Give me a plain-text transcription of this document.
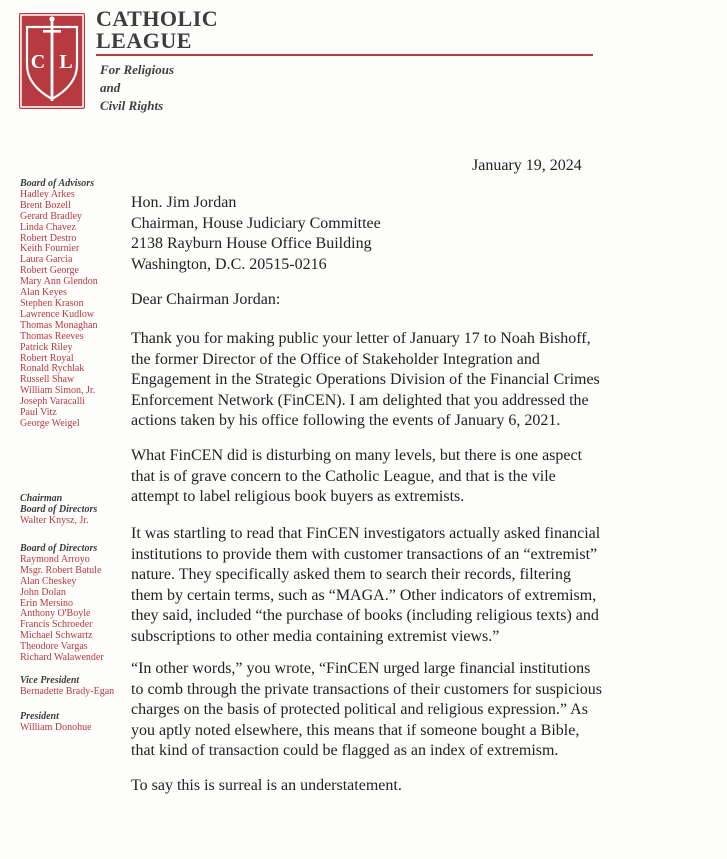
C L
CATHOLIC
LEAGUE
For Religious
and
Civil Rights
Board of Advisors
Hadley Arkes
Brent Bozell
Gerard Bradley
Linda Chavez
Robert Destro
Keith Fournier
Laura Garcia
Robert George
Mary Ann Glendon
Alan Keyes
Stephen Krason
Lawrence Kudlow
Thomas Monaghan
Thomas Reeves
Patrick Riley
Robert Royal
Ronald Rychlak
Russell Shaw
William Simon, Jr.
Joseph Varacalli
Paul Vitz
George Weigel
Chairman
Board of Directors
Walter Knysz, Jr.
Board of Directors
Raymond Arroyo
Msgr. Robert Batule
Alan Cheskey
John Dolan
Erin Mersino
Anthony O'Boyle
Francis Schroeder
Michael Schwartz
Theodore Vargas
Richard Walawender
Vice President
Bernadette Brady-Egan
President
William Donohue
January 19, 2024
Hon. Jim Jordan
Chairman, House Judiciary Committee
2138 Rayburn House Office Building
Washington, D.C. 20515-0216
Dear Chairman Jordan:
Thank you for making public your letter of January 17 to Noah Bishoff,
the former Director of the Office of Stakeholder Integration and
Engagement in the Strategic Operations Division of the Financial Crimes
Enforcement Network (FinCEN). I am delighted that you addressed the
actions taken by his office following the events of January 6, 2021.
What FinCEN did is disturbing on many levels, but there is one aspect
that is of grave concern to the Catholic League, and that is the vile
attempt to label religious book buyers as extremists.
It was startling to read that FinCEN investigators actually asked financial
institutions to provide them with customer transactions of an “extremist”
nature. They specifically asked them to search their records, filtering
them by certain terms, such as “MAGA.” Other indicators of extremism,
they said, included “the purchase of books (including religious texts) and
subscriptions to other media containing extremist views.”
“In other words,” you wrote, “FinCEN urged large financial institutions
to comb through the private transactions of their customers for suspicious
charges on the basis of protected political and religious expression.” As
you aptly noted elsewhere, this means that if someone bought a Bible,
that kind of transaction could be flagged as an index of extremism.
To say this is surreal is an understatement.
